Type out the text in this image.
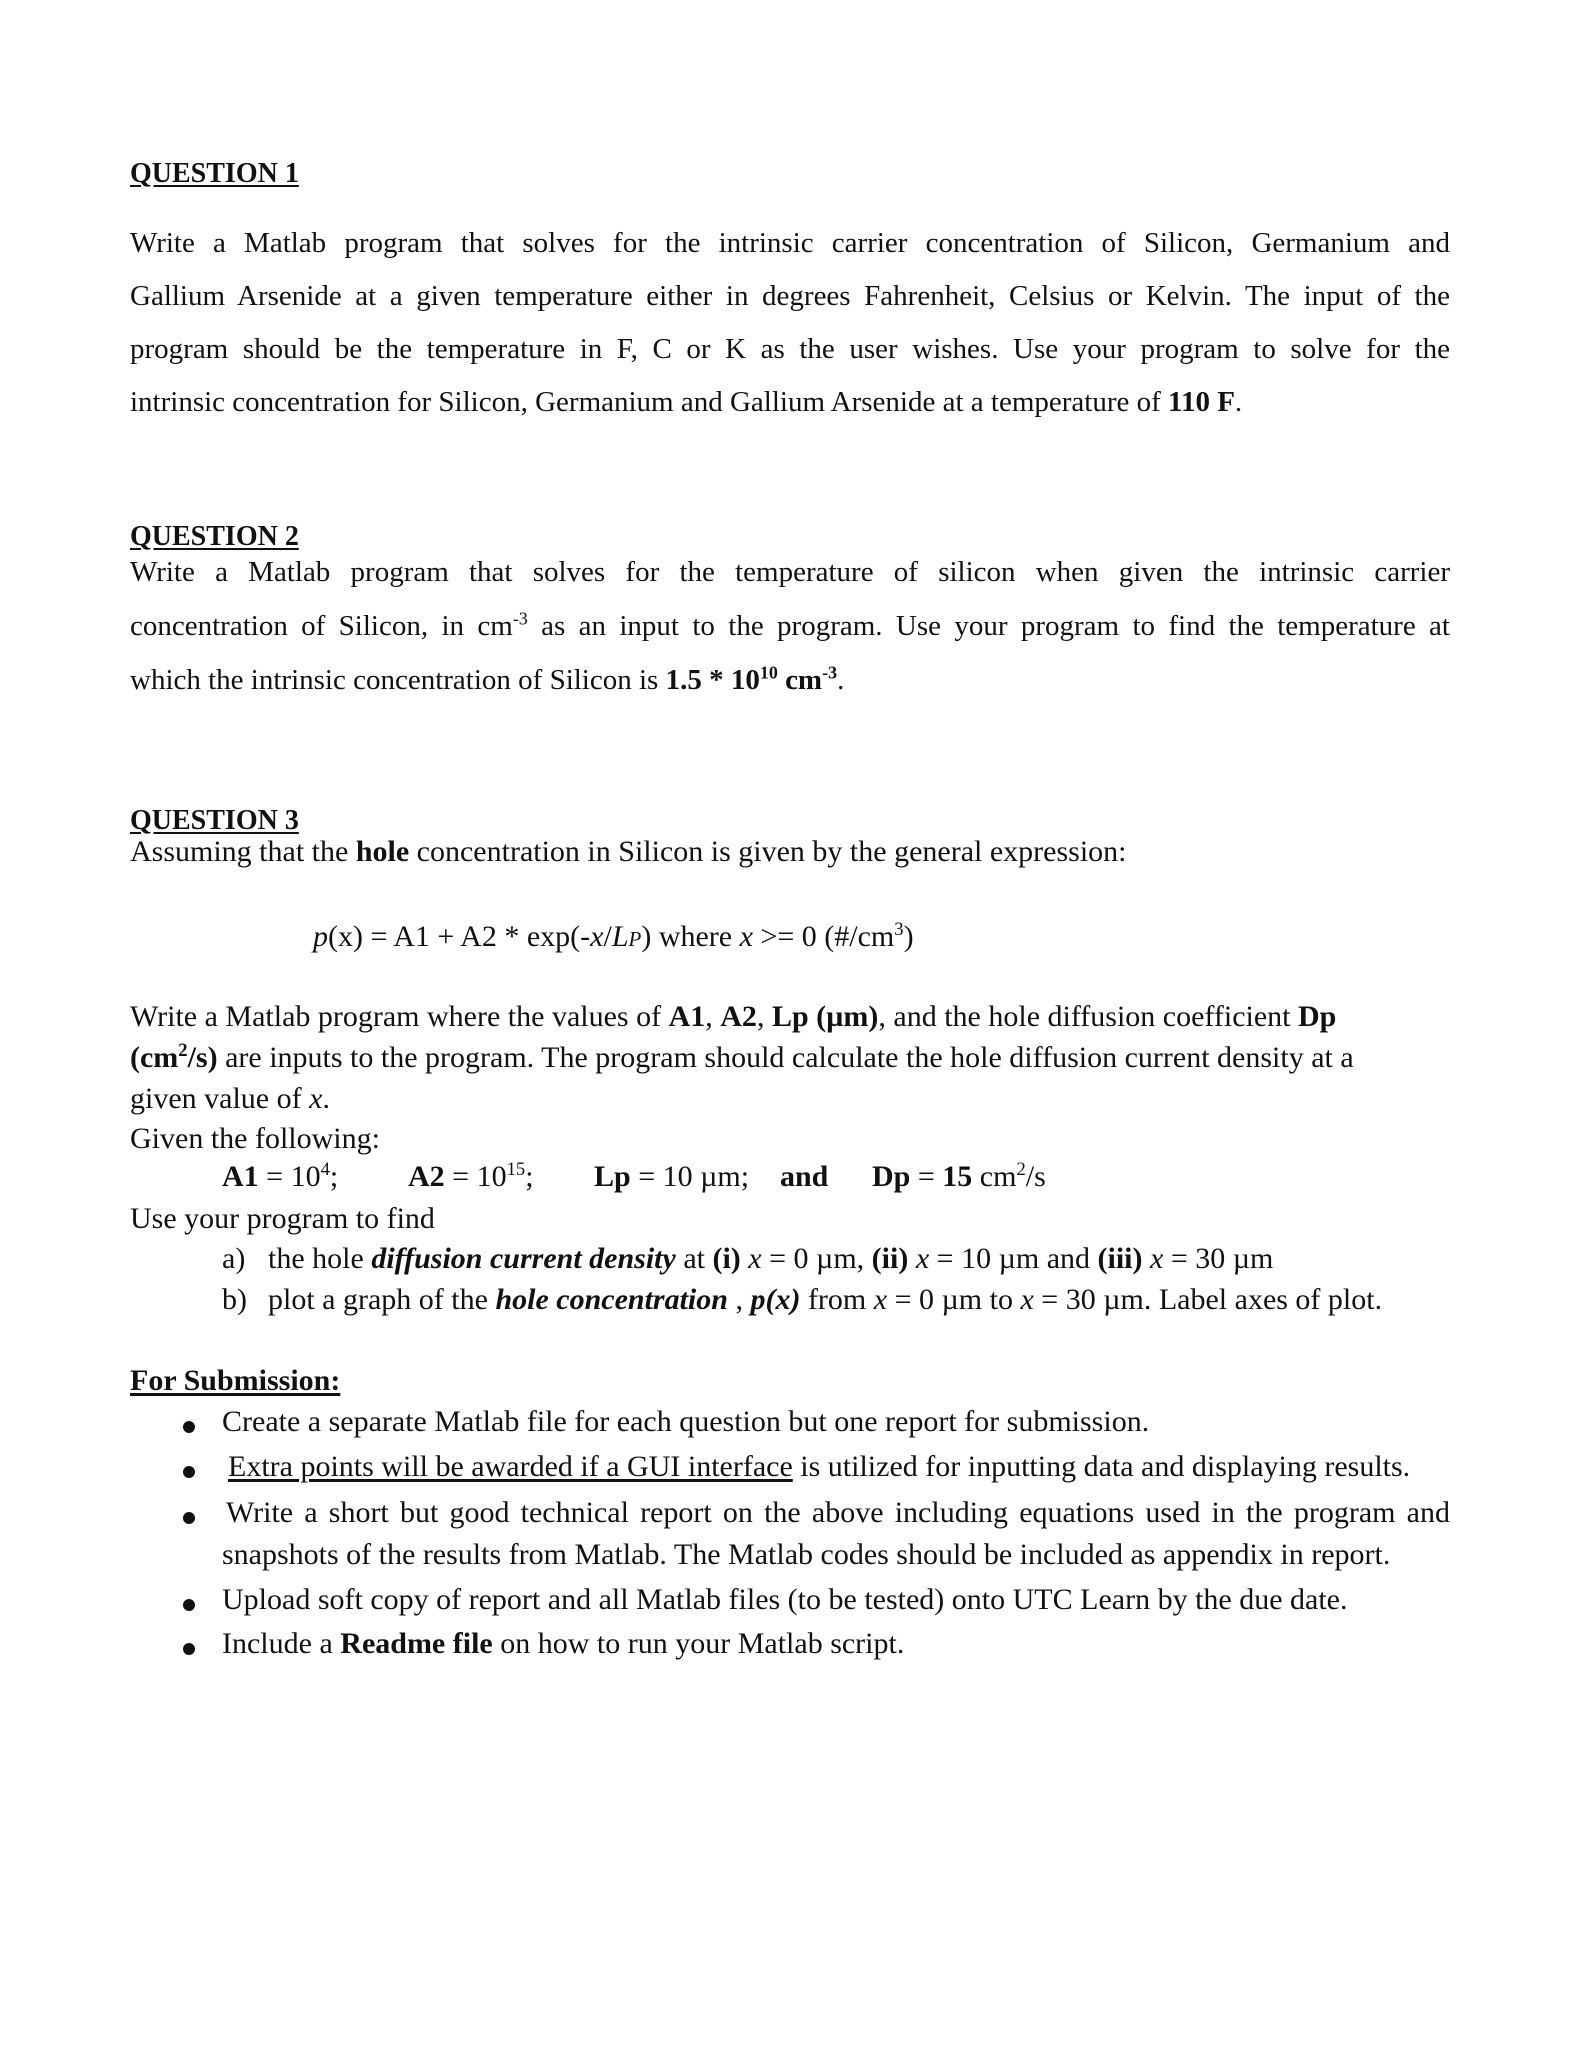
QUESTION 1
Write a Matlab program that solves for the intrinsic carrier concentration of Silicon, Germanium and
Gallium Arsenide at a given temperature either in degrees Fahrenheit, Celsius or Kelvin. The input of the
program should be the temperature in F, C or K as the user wishes. Use your program to solve for the
intrinsic concentration for Silicon, Germanium and Gallium Arsenide at a temperature of 110 F.
QUESTION 2
Write a Matlab program that solves for the temperature of silicon when given the intrinsic carrier
concentration of Silicon, in $cm^{-3}$ as an input to the program. Use your program to find the temperature at
which the intrinsic concentration of Silicon is $1.5 * 10^{10}$ $cm^{-3}$.
QUESTION 3
Assuming that the hole concentration in Silicon is given by the general expression:
p(x) = A1 + A2 * exp(-x/LP) where x >= 0 $(\#/cm^3)$
Write a Matlab program where the values of A1, A2, Lp (µm), and the hole diffusion coefficient Dp
$(cm^2/s)$ are inputs to the program. The program should calculate the hole diffusion current density at a
given value of x.
Given the following:
$A1 = 10^4$; $A2 = 10^{15}$; Lp = 10 µm; and Dp = 15 $cm^2/s$
Use your program to find
a) the hole diffusion current density at (i) x = 0 µm, (ii) x = 10 µm and (iii) x = 30 µm
b) plot a graph of the hole concentration , p(x) from x = 0 µm to x = 30 µm. Label axes of plot.
For Submission:
Create a separate Matlab file for each question but one report for submission.
Extra points will be awarded if a GUI interface is utilized for inputting data and displaying results.
Write a short but good technical report on the above including equations used in the program and
snapshots of the results from Matlab. The Matlab codes should be included as appendix in report.
Upload soft copy of report and all Matlab files (to be tested) onto UTC Learn by the due date.
Include a Readme file on how to run your Matlab script.
